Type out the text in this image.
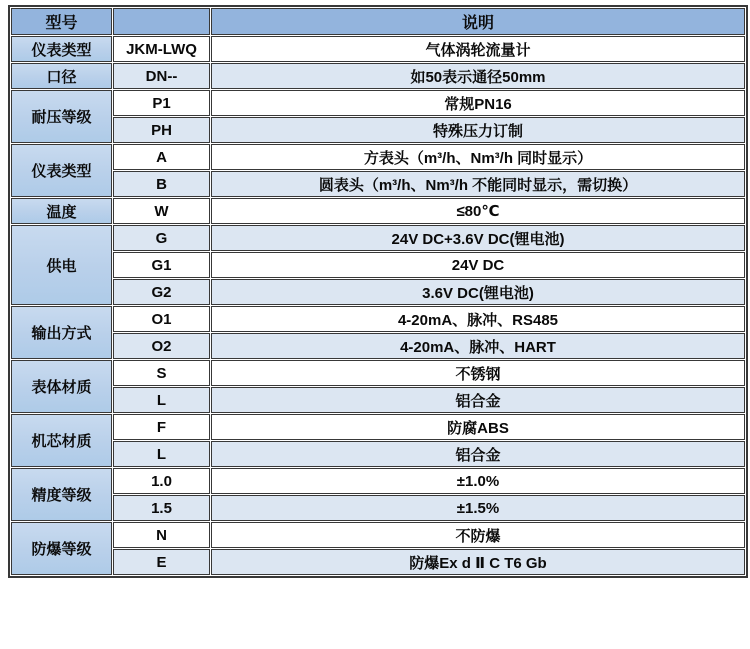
型号		说明
仪表类型	JKM-LWQ	气体涡轮流量计
口径	DN--	如50表示通径50mm
耐压等级	P1	常规PN16
	PH	特殊压力订制
仪表类型	A	方表头（m³/h、Nm³/h 同时显示）
	B	圆表头（m³/h、Nm³/h 不能同时显示，需切换）
温度	W	≤80℃
供电	G	24V DC+3.6V DC(锂电池)
	G1	24V DC
	G2	3.6V DC(锂电池)
输出方式	O1	4-20mA、脉冲、RS485
	O2	4-20mA、脉冲、HART
表体材质	S	不锈钢
	L	铝合金
机芯材质	F	防腐ABS
	L	铝合金
精度等级	1.0	±1.0%
	1.5	±1.5%
防爆等级	N	不防爆
	E	防爆Ex d Ⅱ C T6 Gb
